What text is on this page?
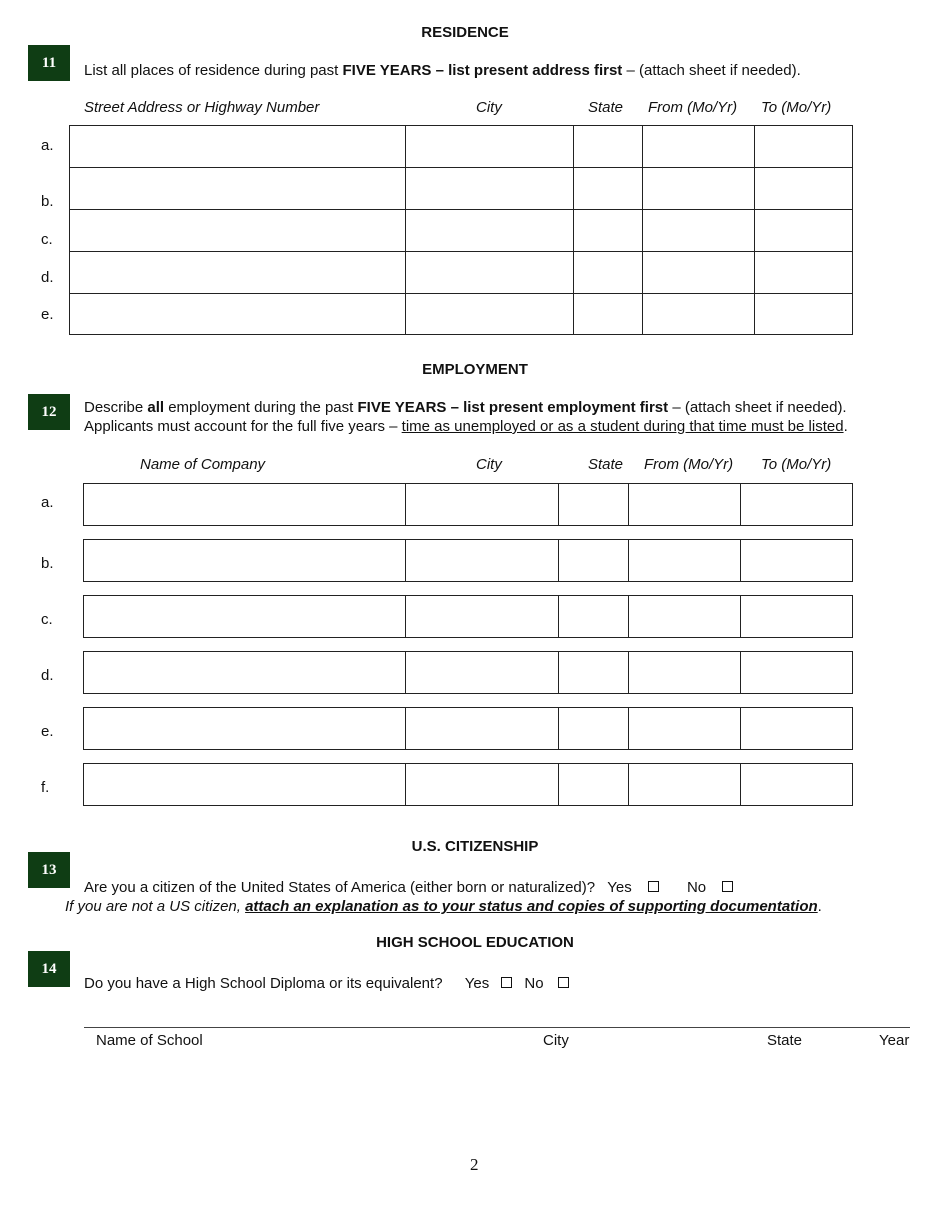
RESIDENCE
11	List all places of residence during past FIVE YEARS – list present address first – (attach sheet if needed).
Street Address or Highway Number	City	State From (Mo/Yr) To (Mo/Yr)
a.
b.
c.
d.
e.
EMPLOYMENT
12	Describe all employment during the past FIVE YEARS – list present employment first – (attach sheet if needed).
Applicants must account for the full five years – time as unemployed or as a student during that time must be listed.
Name of Company	City	State From (Mo/Yr) To (Mo/Yr)
a.
b.
c.
d.
e.
f.
U.S. CITIZENSHIP
13
Are you a citizen of the United States of America (either born or naturalized)? Yes	No
If you are not a US citizen, attach an explanation as to your status and copies of supporting documentation.
HIGH SCHOOL EDUCATION
14
Do you have a High School Diploma or its equivalent? Yes No
Name of School	City	State	Year
2
